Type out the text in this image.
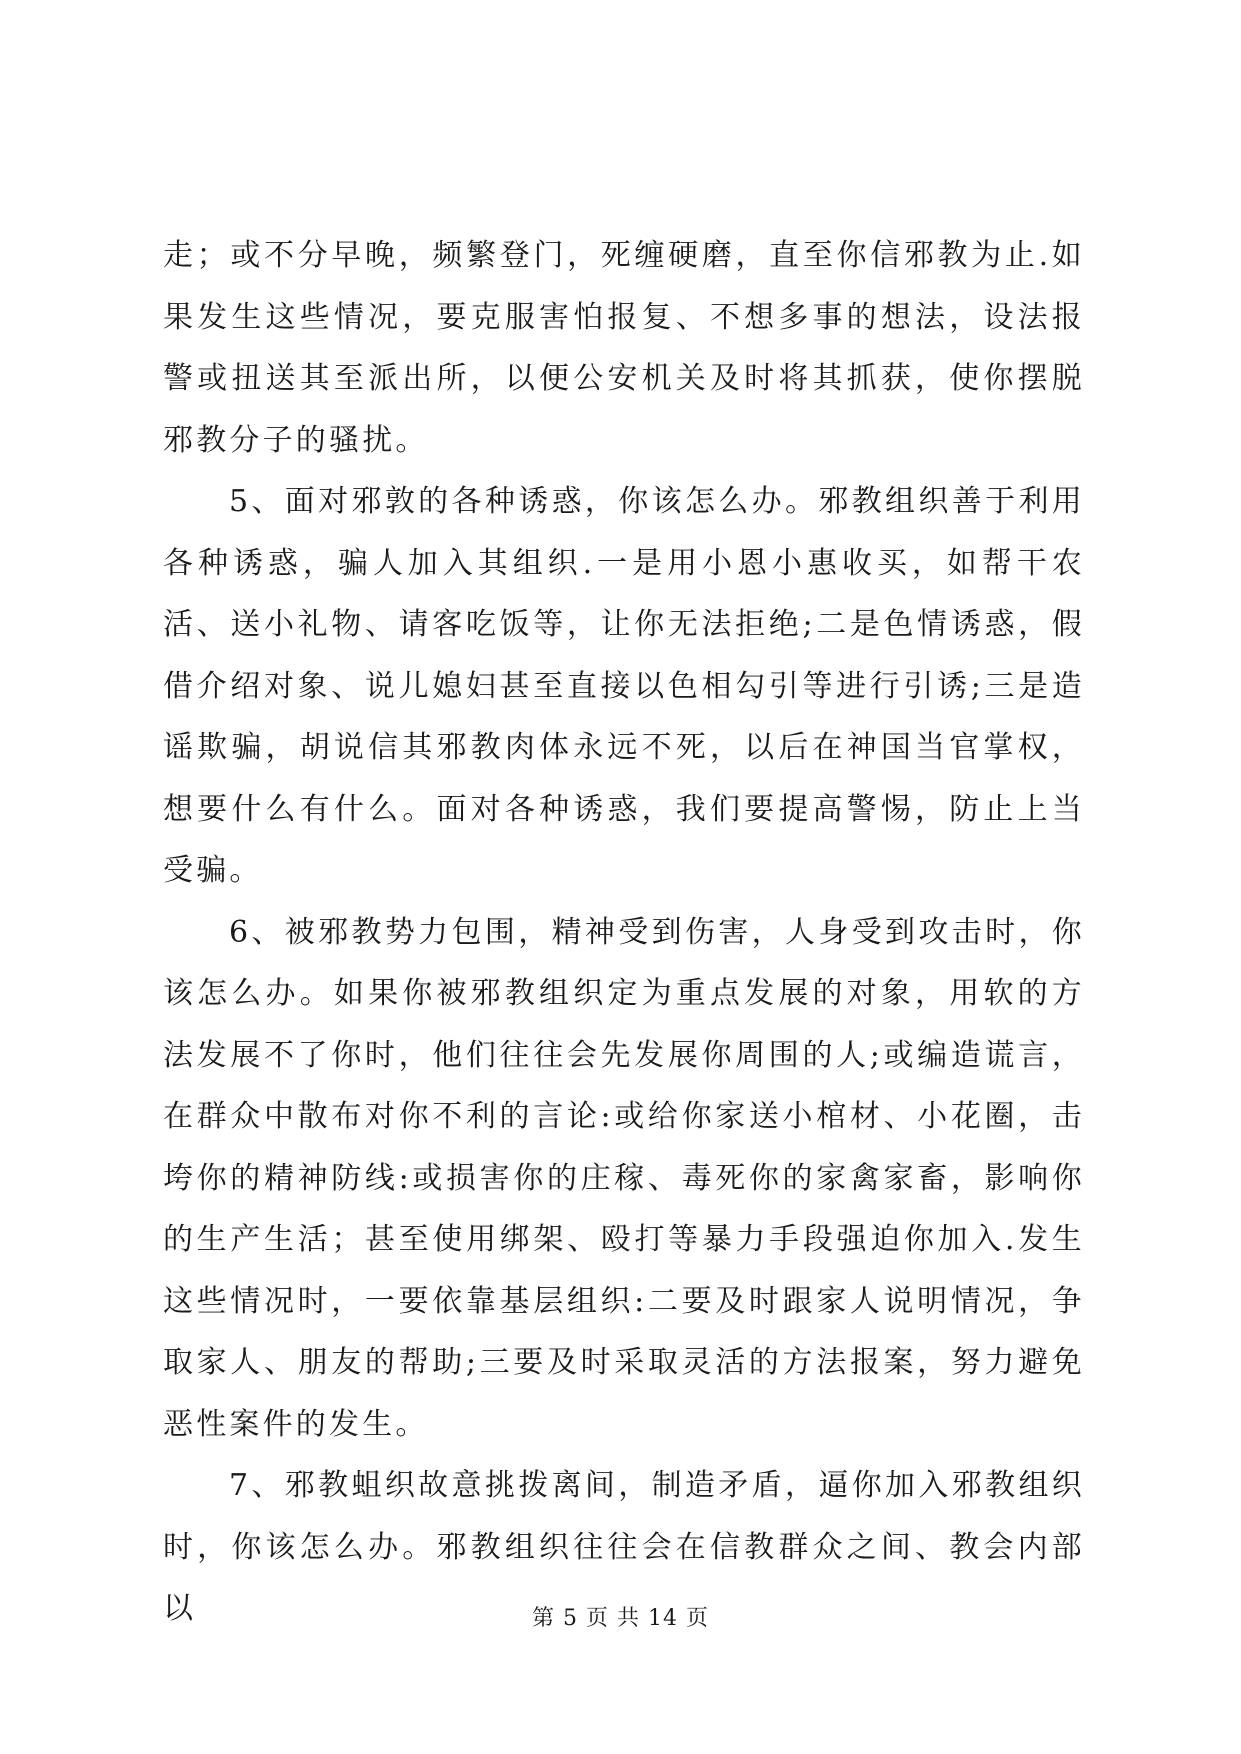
走；或不分早晚，频繁登门，死缠硬磨，直至你信邪教为止.如果发生这些情况，要克服害怕报复、不想多事的想法，设法报警或扭送其至派出所，以便公安机关及时将其抓获，使你摆脱邪教分子的骚扰。

5、面对邪敦的各种诱惑，你该怎么办。邪教组织善于利用各种诱惑，骗人加入其组织.一是用小恩小惠收买，如帮干农活、送小礼物、请客吃饭等，让你无法拒绝;二是色情诱惑，假借介绍对象、说儿媳妇甚至直接以色相勾引等进行引诱;三是造谣欺骗，胡说信其邪教肉体永远不死，以后在神国当官掌权，想要什么有什么。面对各种诱惑，我们要提高警惕，防止上当受骗。

6、被邪教势力包围，精神受到伤害，人身受到攻击时，你该怎么办。如果你被邪教组织定为重点发展的对象，用软的方法发展不了你时，他们往往会先发展你周围的人;或编造谎言，在群众中散布对你不利的言论:或给你家送小棺材、小花圈，击垮你的精神防线:或损害你的庄稼、毒死你的家禽家畜，影响你的生产生活；甚至使用绑架、殴打等暴力手段强迫你加入.发生这些情况时，一要依靠基层组织:二要及时跟家人说明情况，争取家人、朋友的帮助;三要及时采取灵活的方法报案，努力避免恶性案件的发生。

7、邪教蛆织故意挑拨离间，制造矛盾，逼你加入邪教组织时，你该怎么办。邪教组织往往会在信教群众之间、教会内部以	第 5 页 共 14 页
